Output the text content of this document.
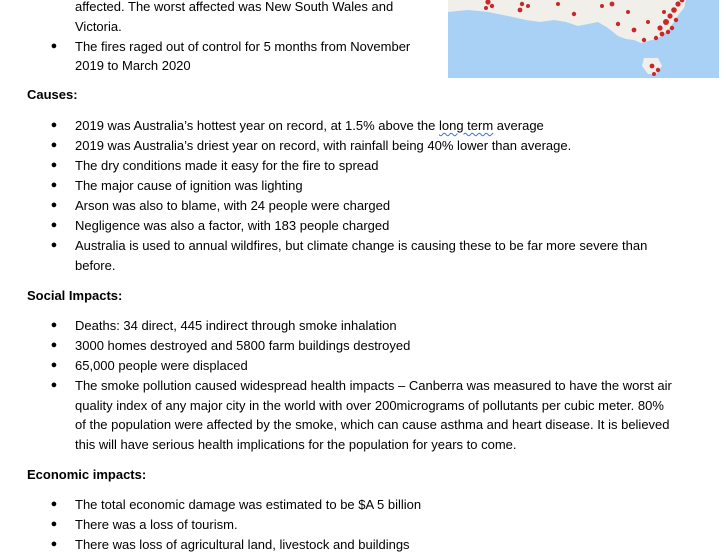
affected. The worst affected was New South Wales and
Victoria.
● The fires raged out of control for 5 months from November
2019 to March 2020
Causes:
● 2019 was Australia’s hottest year on record, at 1.5% above the long term average
● 2019 was Australia’s driest year on record, with rainfall being 40% lower than average.
● The dry conditions made it easy for the fire to spread
● The major cause of ignition was lighting
● Arson was also to blame, with 24 people were charged
● Negligence was also a factor, with 183 people charged
● Australia is used to annual wildfires, but climate change is causing these to be far more severe than
before.
Social Impacts:
● Deaths: 34 direct, 445 indirect through smoke inhalation
● 3000 homes destroyed and 5800 farm buildings destroyed
● 65,000 people were displaced
● The smoke pollution caused widespread health impacts – Canberra was measured to have the worst air
quality index of any major city in the world with over 200micrograms of pollutants per cubic meter. 80%
of the population were affected by the smoke, which can cause asthma and heart disease. It is believed
this will have serious health implications for the population for years to come.
Economic impacts:
● The total economic damage was estimated to be $A 5 billion
● There was a loss of tourism.
● There was loss of agricultural land, livestock and buildings
